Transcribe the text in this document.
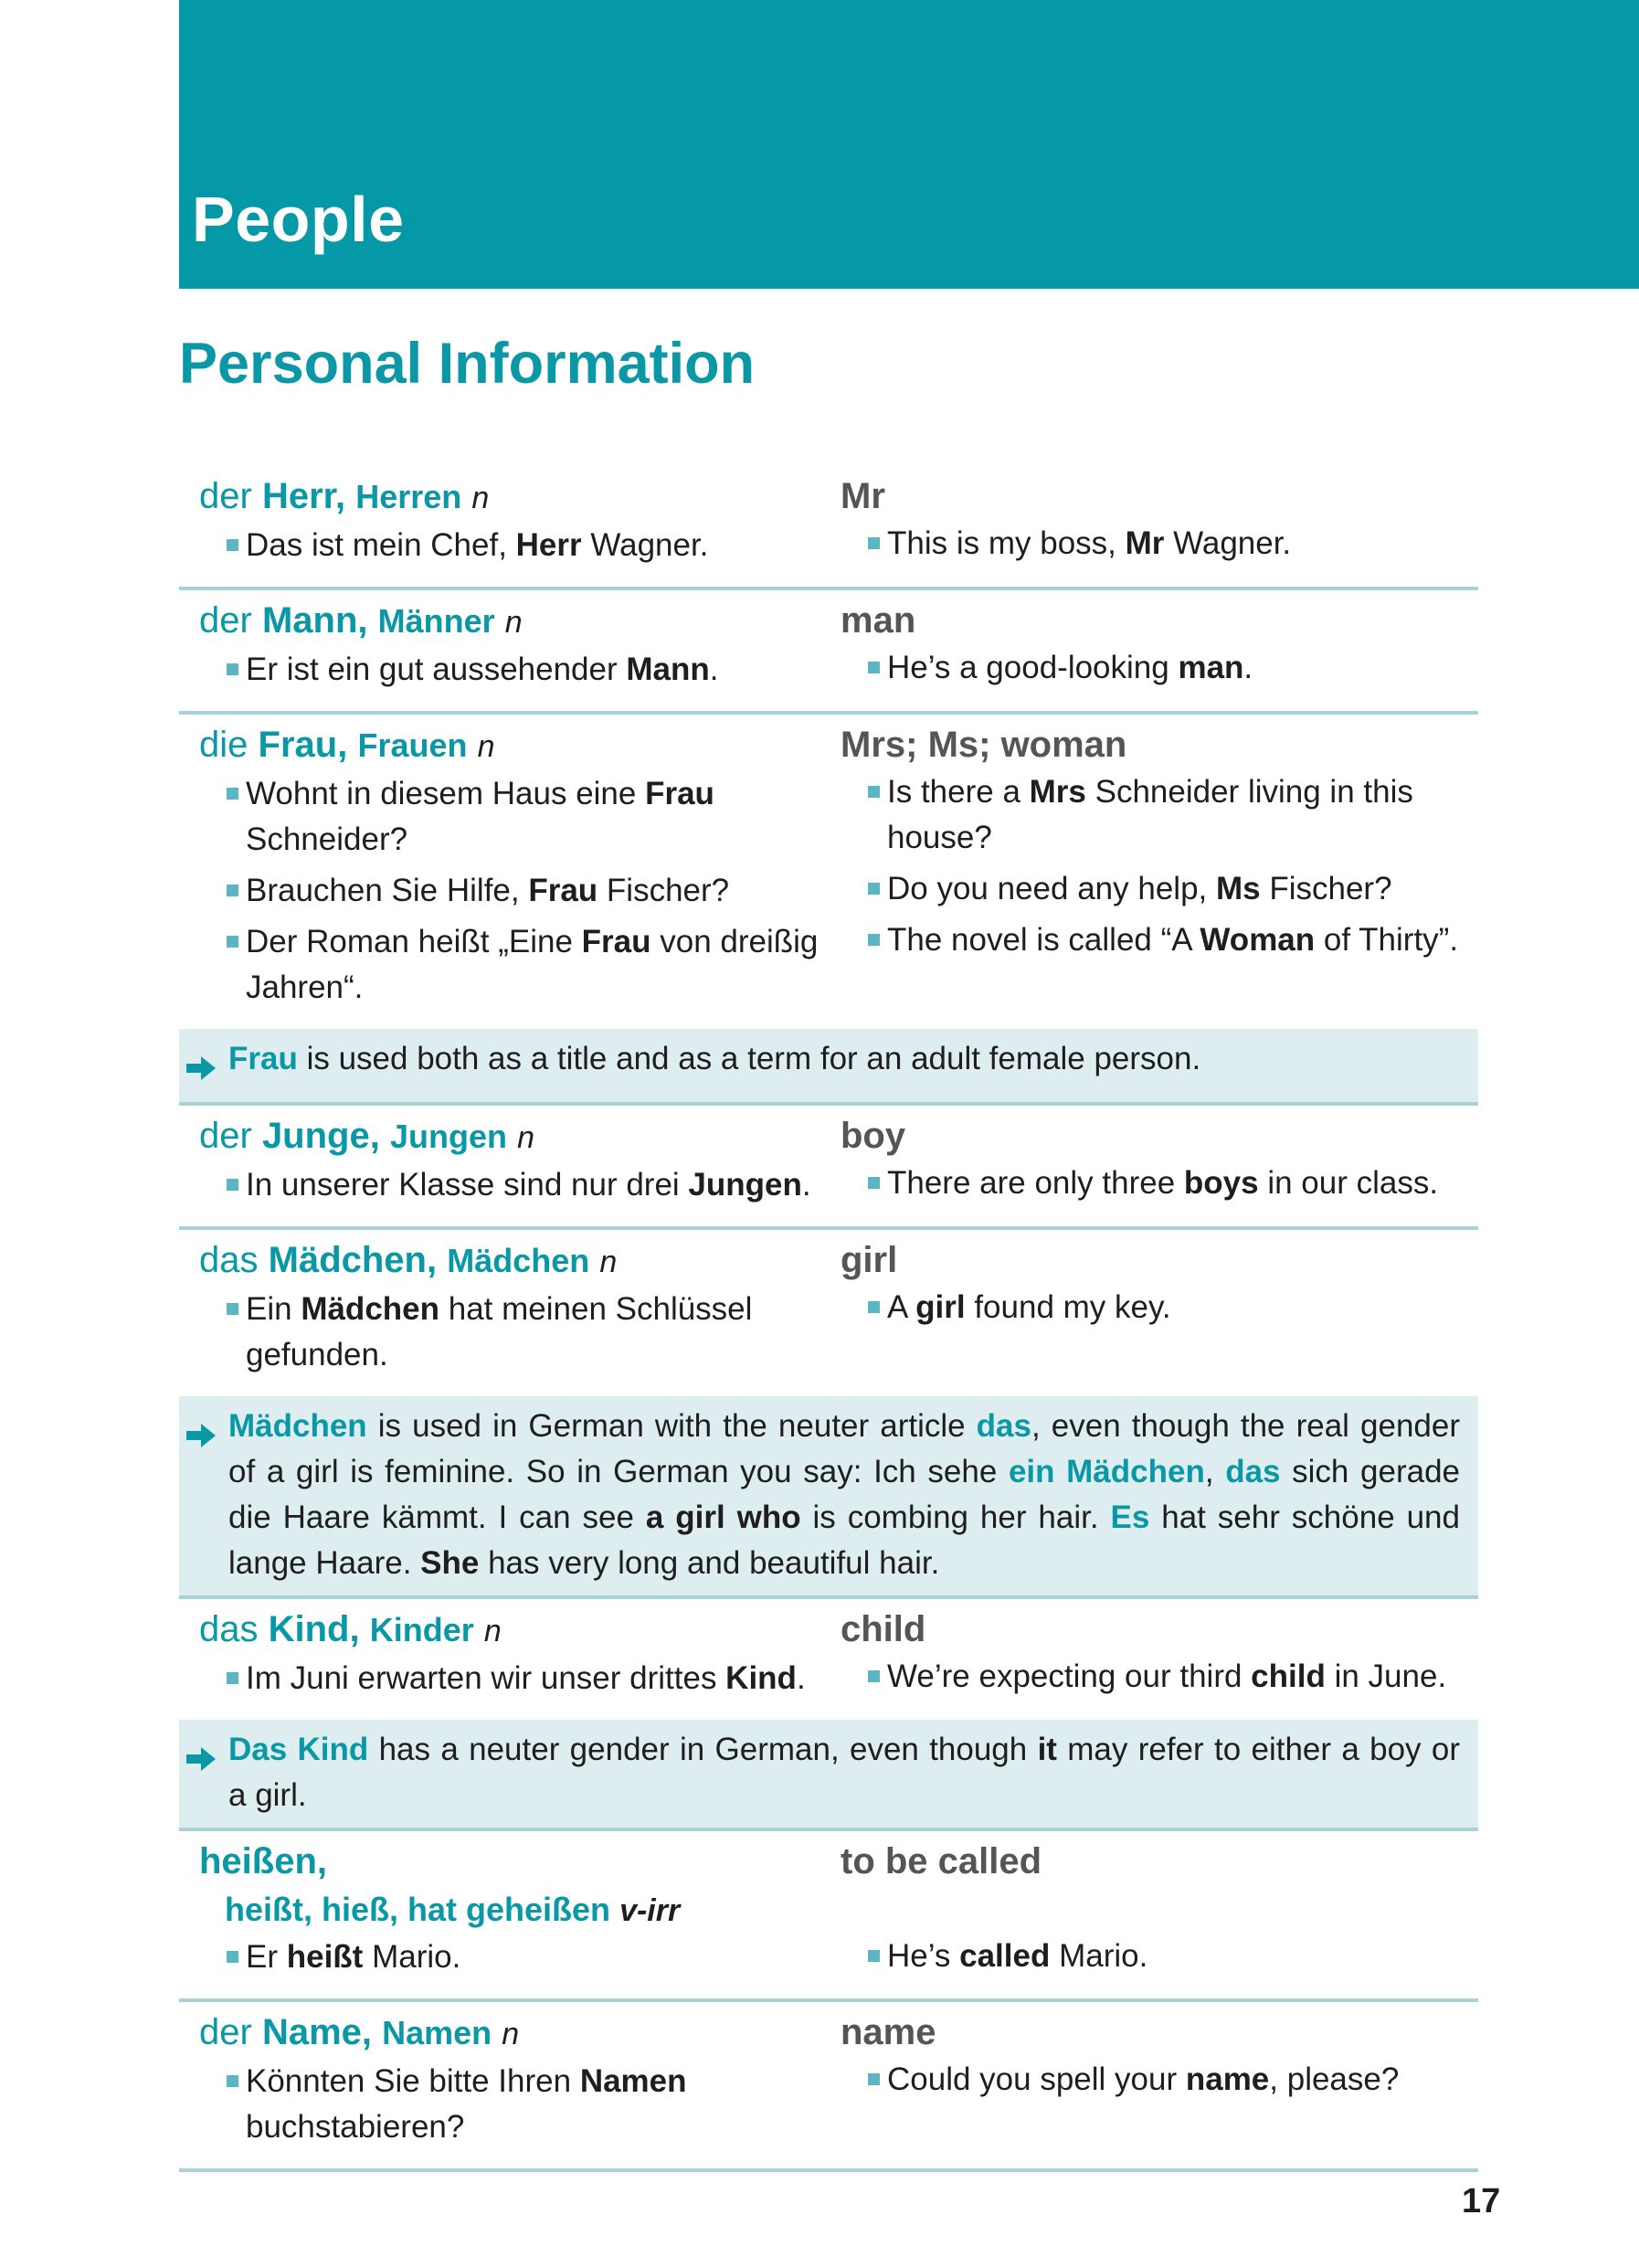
People
Personal Information

der Herr, Herren n

Das ist mein Chef, Herr Wagner.

Mr

This is my boss, Mr Wagner.

der Mann, Männer n

Er ist ein gut aussehender Mann.

man

He’s a good-looking man.

die Frau, Frauen n

Wohnt in diesem Haus eine Frau Schneider?
Brauchen Sie Hilfe, Frau Fischer?
Der Roman heißt „Eine Frau von dreißig Jahren“.

Mrs; Ms; woman

Is there a Mrs Schneider living in this house?
Do you need any help, Ms Fischer?
The novel is called “A Woman of Thirty”.
Frau is used both as a title and as a term for an adult female person.

der Junge, Jungen n

In unserer Klasse sind nur drei Jungen.

boy

There are only three boys in our class.

das Mädchen, Mädchen n

Ein Mädchen hat meinen Schlüssel gefunden.

girl

A girl found my key.
Mädchen is used in German with the neuter article das, even though the real gender of a girl is feminine. So in German you say: Ich sehe ein Mädchen, das sich gerade die Haare kämmt. I can see a girl who is combing her hair. Es hat sehr schöne und lange Haare. She has very long and beautiful hair.

das Kind, Kinder n

Im Juni erwarten wir unser drittes Kind.

child

We’re expecting our third child in June.
Das Kind has a neuter gender in German, even though it may refer to either a boy or a girl.

heißen,

heißt, hieß, hat geheißen v-irr

Er heißt Mario.

to be called

He’s called Mario.

der Name, Namen n

Könnten Sie bitte Ihren Namen buchstabieren?

name

Could you spell your name, please?
17
